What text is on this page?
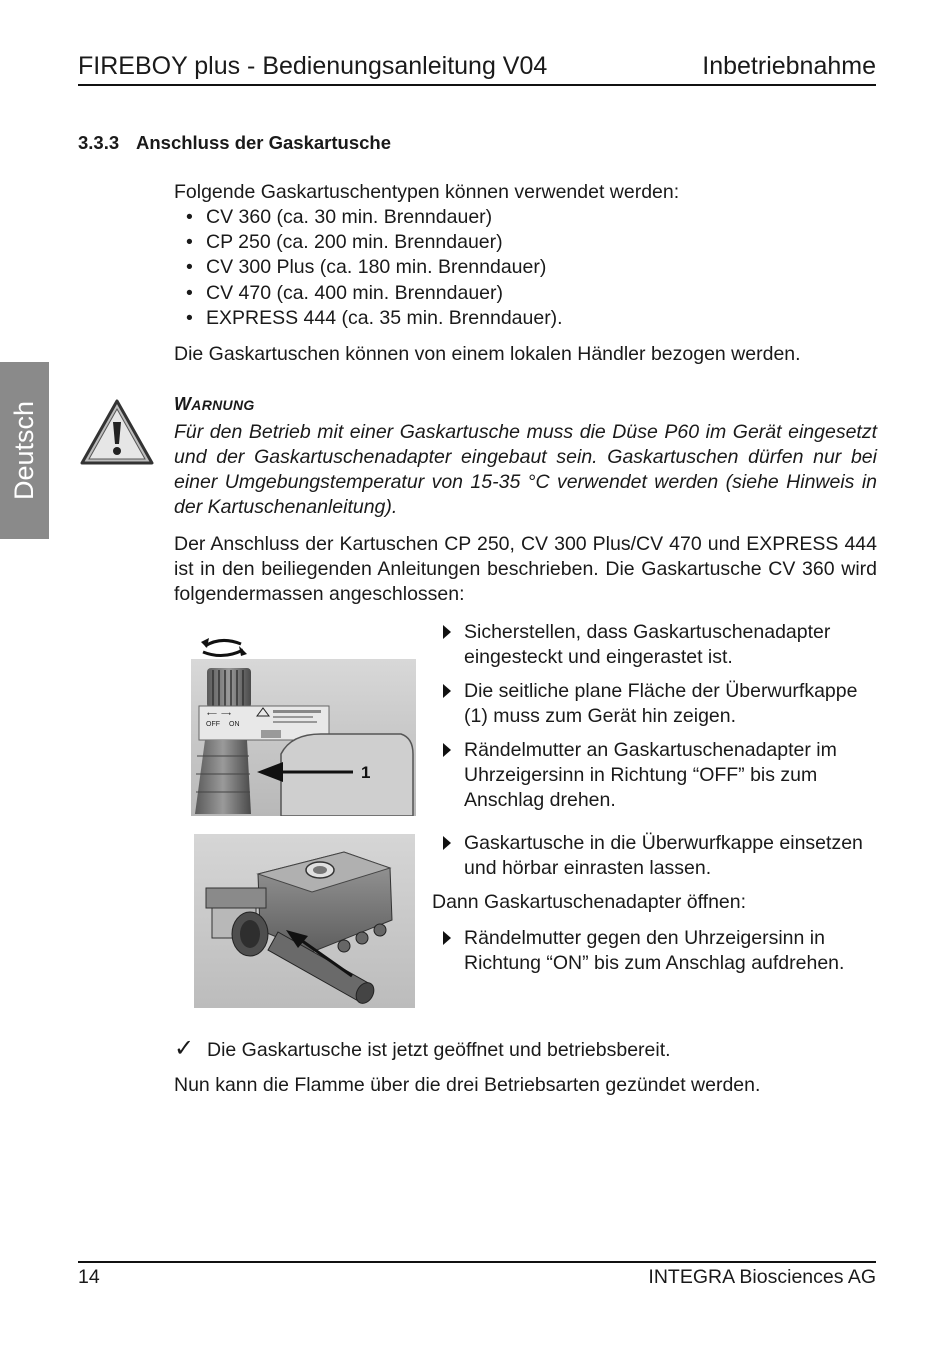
FIREBOY plus - Bedienungsanleitung V04	Inbetriebnahme
Deutsch
3.3.3 Anschluss der Gaskartusche
Folgende Gaskartuschentypen können verwendet werden:
• CV 360 (ca. 30 min. Brenndauer)
• CP 250 (ca. 200 min. Brenndauer)
• CV 300 Plus (ca. 180 min. Brenndauer)
• CV 470 (ca. 400 min. Brenndauer)
• EXPRESS 444 (ca. 35 min. Brenndauer).
Die Gaskartuschen können von einem lokalen Händler bezogen werden.
WARNUNG
Für den Betrieb mit einer Gaskartusche muss die Düse P60 im Gerät eingesetzt und der Gaskartuschenadapter eingebaut sein. Gaskartuschen dürfen nur bei einer Umgebungstemperatur von 15-35 °C verwendet werden (siehe Hinweis in der Kartuschenanleitung).
Der Anschluss der Kartuschen CP 250, CV 300 Plus/CV 470 und EXPRESS 444 ist in den beiliegenden Anleitungen beschrieben. Die Gaskartusche CV 360 wird folgendermassen angeschlossen:
Sicherstellen, dass Gaskartuschenadapter eingesteckt und eingerastet ist.
Die seitliche plane Fläche der Überwurfkappe (1) muss zum Gerät hin zeigen.
Rändelmutter an Gaskartuschenadapter im Uhrzeigersinn in Richtung “OFF” bis zum Anschlag drehen.
Gaskartusche in die Überwurfkappe einsetzen und hörbar einrasten lassen.
Dann Gaskartuschenadapter öffnen:
Rändelmutter gegen den Uhrzeigersinn in Richtung “ON” bis zum Anschlag aufdrehen.
⟵ ⟶
OFF ON
1
✓ Die Gaskartusche ist jetzt geöffnet und betriebsbereit.
Nun kann die Flamme über die drei Betriebsarten gezündet werden.
14	INTEGRA Biosciences AG
